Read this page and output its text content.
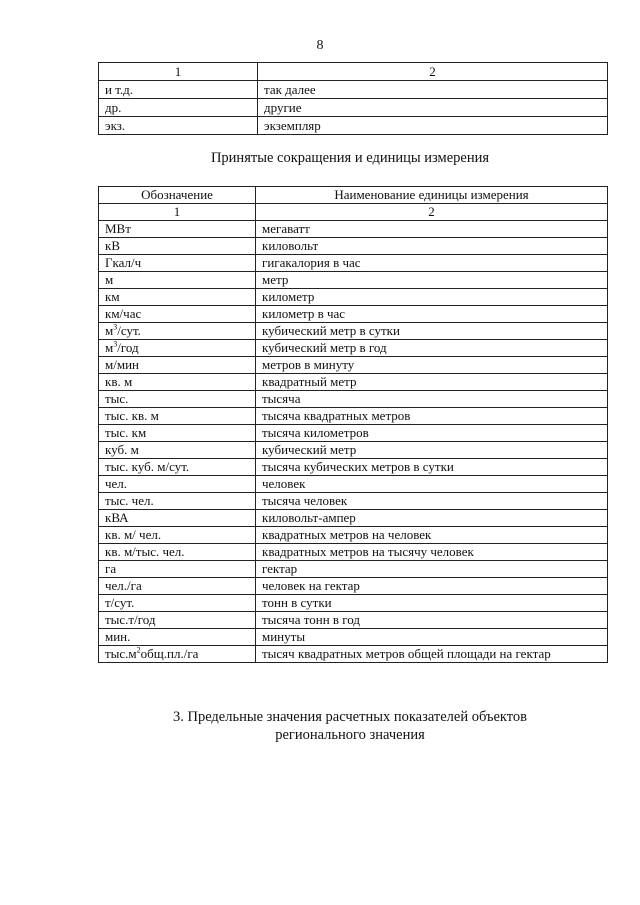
8
1	2
и т.д.	так далее
др.	другие
экз.	экземпляр
Принятые сокращения и единицы измерения
Обозначение	Наименование единицы измерения
1	2
МВт	мегаватт
кВ	киловольт
Гкал/ч	гигакалория в час
м	метр
км	километр
км/час	километр в час
$м^3$/сут.	кубический метр в сутки
$м^3$/год	кубический метр в год
м/мин	метров в минуту
кв. м	квадратный метр
тыс.	тысяча
тыс. кв. м	тысяча квадратных метров
тыс. км	тысяча километров
куб. м	кубический метр
тыс. куб. м/сут.	тысяча кубических метров в сутки
чел.	человек
тыс. чел.	тысяча человек
кВА	киловольт-ампер
кв. м/ чел.	квадратных метров на человек
кв. м/тыс. чел.	квадратных метров на тысячу человек
га	гектар
чел./га	человек на гектар
т/сут.	тонн в сутки
тыс.т/год	тысяча тонн в год
мин.	минуты
$тыс.м^2общ.пл./га$	тысяч квадратных метров общей площади на гектар
3. Предельные значения расчетных показателей объектов
регионального значения
